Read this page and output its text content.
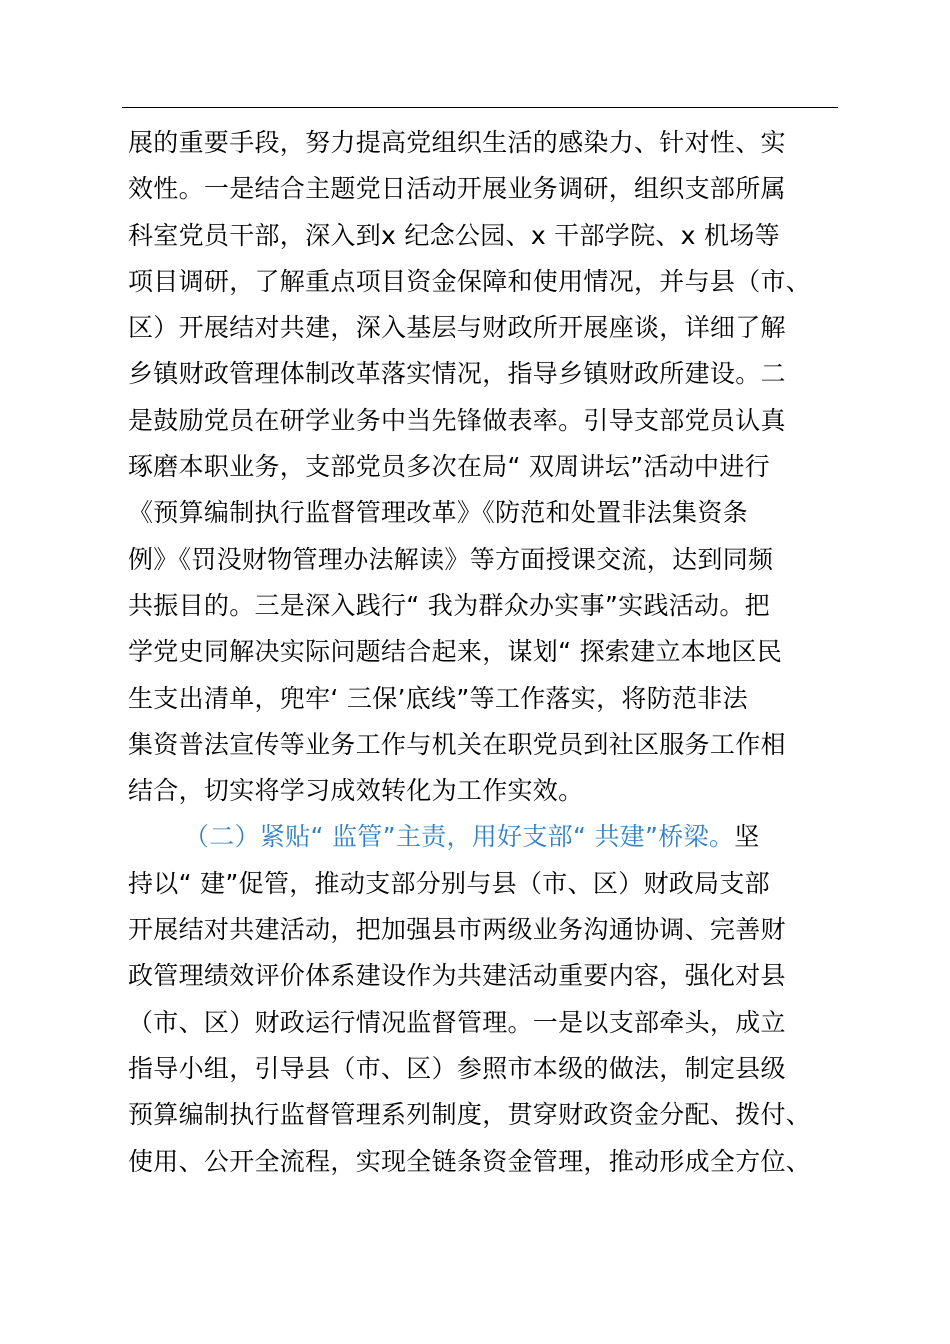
展的重要手段，努力提高党组织生活的感染力、针对性、实
效性。一是结合主题党日活动开展业务调研，组织支部所属
科室党员干部，深入到x 纪念公园、x 干部学院、x 机场等
项目调研，了解重点项目资金保障和使用情况，并与县（市、
区）开展结对共建，深入基层与财政所开展座谈，详细了解
乡镇财政管理体制改革落实情况，指导乡镇财政所建设。二
是鼓励党员在研学业务中当先锋做表率。引导支部党员认真
琢磨本职业务，支部党员多次在局“ 双周讲坛”活动中进行
《预算编制执行监督管理改革》《防范和处置非法集资条
例》《罚没财物管理办法解读》等方面授课交流，达到同频
共振目的。三是深入践行“ 我为群众办实事”实践活动。把
学党史同解决实际问题结合起来，谋划“ 探索建立本地区民
生支出清单，兜牢‘ 三保’底线”等工作落实，将防范非法
集资普法宣传等业务工作与机关在职党员到社区服务工作相
结合，切实将学习成效转化为工作实效。
（二）紧贴“ 监管”主责，用好支部“ 共建”桥梁。坚
持以“ 建”促管，推动支部分别与县（市、区）财政局支部
开展结对共建活动，把加强县市两级业务沟通协调、完善财
政管理绩效评价体系建设作为共建活动重要内容，强化对县
（市、区）财政运行情况监督管理。一是以支部牵头，成立
指导小组，引导县（市、区）参照市本级的做法，制定县级
预算编制执行监督管理系列制度，贯穿财政资金分配、拨付、
使用、公开全流程，实现全链条资金管理，推动形成全方位、
